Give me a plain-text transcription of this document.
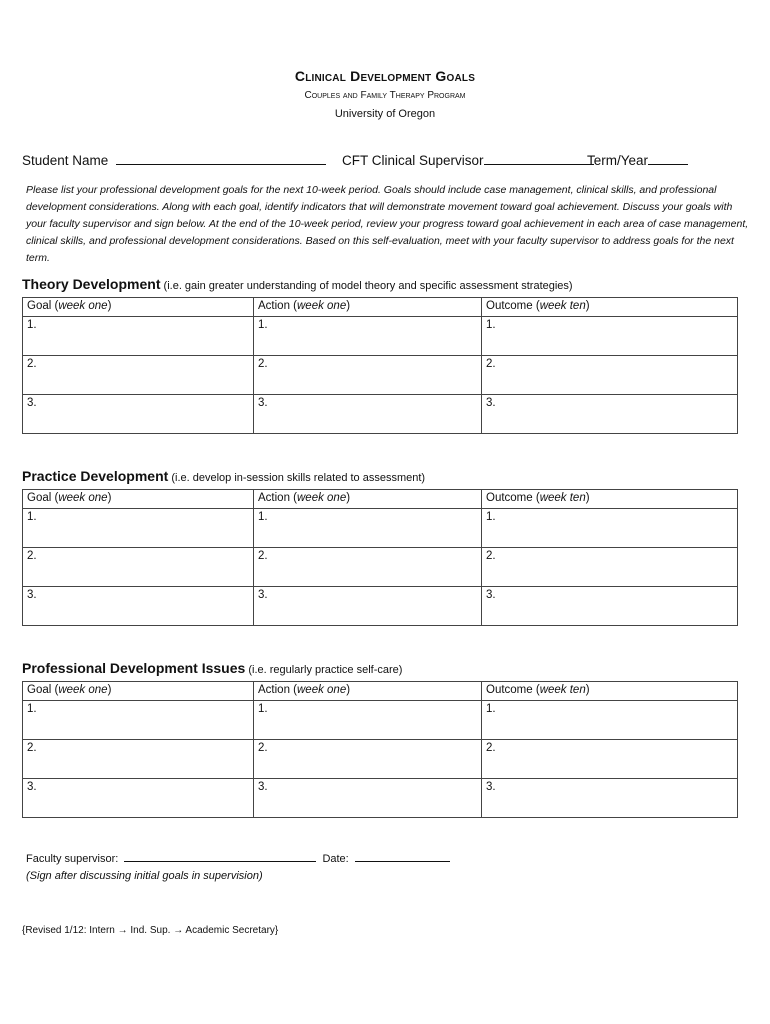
Clinical Development Goals
Couples and Family Therapy Program
University of Oregon
Student Name	CFT Clinical Supervisor	Term/Year
Please list your professional development goals for the next 10-week period. Goals should include case management, clinical skills, and professional development considerations. Along with each goal, identify indicators that will demonstrate movement toward goal achievement. Discuss your goals with your faculty supervisor and sign below. At the end of the 10-week period, review your progress toward goal achievement in each area of case management, clinical skills, and professional development considerations. Based on this self-evaluation, meet with your faculty supervisor to address goals for the next term.
Theory Development (i.e. gain greater understanding of model theory and specific assessment strategies)
Goal (week one)	Action (week one)	Outcome (week ten)
1.	1.	1.
2.	2.	2.
3.	3.	3.
Practice Development (i.e. develop in-session skills related to assessment)
Goal (week one)	Action (week one)	Outcome (week ten)
1.	1.	1.
2.	2.	2.
3.	3.	3.
Professional Development Issues (i.e. regularly practice self-care)
Goal (week one)	Action (week one)	Outcome (week ten)
1.	1.	1.
2.	2.	2.
3.	3.	3.
Faculty supervisor:	Date:
(Sign after discussing initial goals in supervision)
{Revised 1/12: Intern → Ind. Sup. → Academic Secretary}
